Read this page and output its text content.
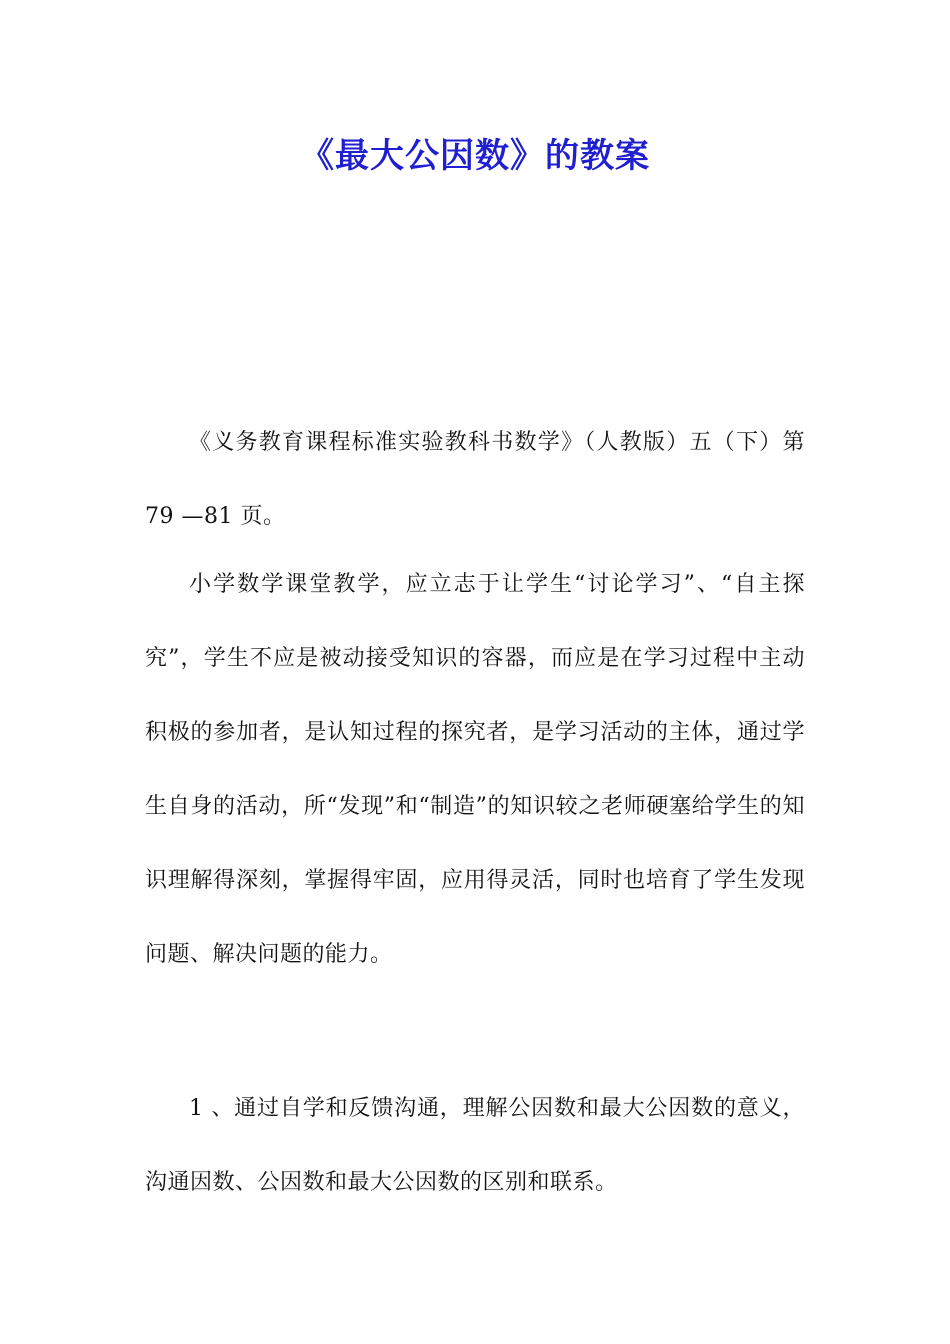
《最大公因数》的教案

《义务教育课程标准实验教科书数学》（人教版）五（下）第79 —81 页。

小学数学课堂教学，应立志于让学生“讨论学习”、“自主探究”，学生不应是被动接受知识的容器，而应是在学习过程中主动积极的参加者，是认知过程的探究者，是学习活动的主体，通过学生自身的活动，所“发现”和“制造”的知识较之老师硬塞给学生的知识理解得深刻，掌握得牢固，应用得灵活，同时也培育了学生发现问题、解决问题的能力。

1 、通过自学和反馈沟通，理解公因数和最大公因数的意义，沟通因数、公因数和最大公因数的区别和联系。
